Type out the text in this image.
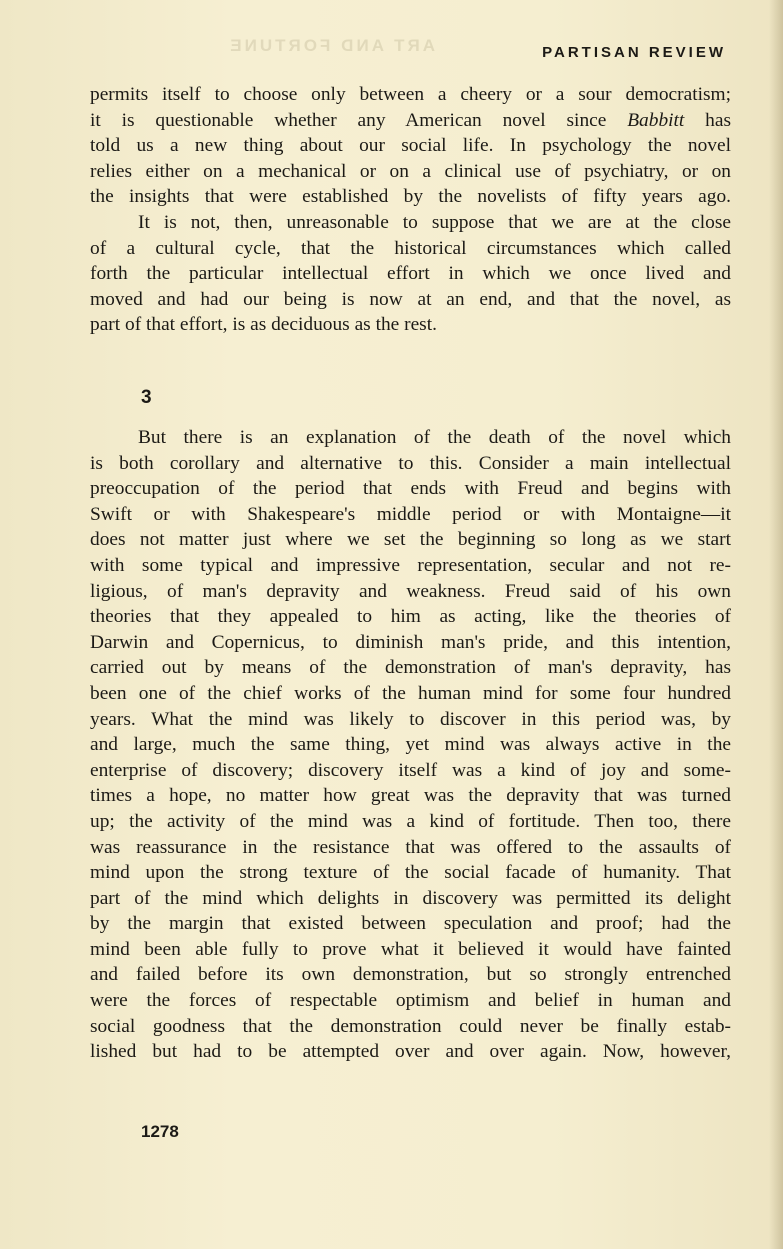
ART AND FORTUNE	PARTISAN REVIEW
permits itself to choose only between a cheery or a sour democratism;
it is questionable whether any American novel since Babbitt has
told us a new thing about our social life. In psychology the novel
relies either on a mechanical or on a clinical use of psychiatry, or on
the insights that were established by the novelists of fifty years ago.
It is not, then, unreasonable to suppose that we are at the close
of a cultural cycle, that the historical circumstances which called
forth the particular intellectual effort in which we once lived and
moved and had our being is now at an end, and that the novel, as
part of that effort, is as deciduous as the rest.
3
But there is an explanation of the death of the novel which
is both corollary and alternative to this. Consider a main intellectual
preoccupation of the period that ends with Freud and begins with
Swift or with Shakespeare's middle period or with Montaigne—it
does not matter just where we set the beginning so long as we start
with some typical and impressive representation, secular and not re-
ligious, of man's depravity and weakness. Freud said of his own
theories that they appealed to him as acting, like the theories of
Darwin and Copernicus, to diminish man's pride, and this intention,
carried out by means of the demonstration of man's depravity, has
been one of the chief works of the human mind for some four hundred
years. What the mind was likely to discover in this period was, by
and large, much the same thing, yet mind was always active in the
enterprise of discovery; discovery itself was a kind of joy and some-
times a hope, no matter how great was the depravity that was turned
up; the activity of the mind was a kind of fortitude. Then too, there
was reassurance in the resistance that was offered to the assaults of
mind upon the strong texture of the social facade of humanity. That
part of the mind which delights in discovery was permitted its delight
by the margin that existed between speculation and proof; had the
mind been able fully to prove what it believed it would have fainted
and failed before its own demonstration, but so strongly entrenched
were the forces of respectable optimism and belief in human and
social goodness that the demonstration could never be finally estab-
lished but had to be attempted over and over again. Now, however,
1278
